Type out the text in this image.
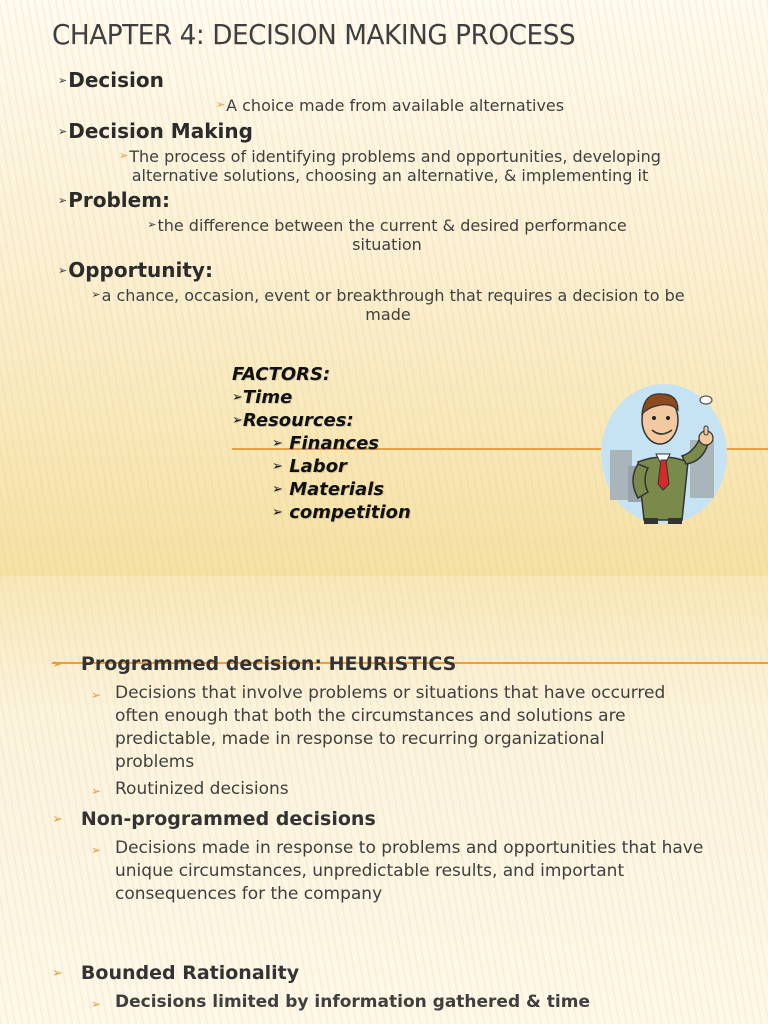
CHAPTER 4: DECISION MAKING PROCESS
➢Decision
➢A choice made from available alternatives
➢Decision Making
➢The process of identifying problems and opportunities, developing alternative solutions, choosing an alternative, & implementing it
➢Problem:
➢the difference between the current & desired performance situation
➢Opportunity:
➢a chance, occasion, event or breakthrough that requires a decision to be made
FACTORS:
➢Time
➢Resources:
➢ Finances
➢ Labor
➢ Materials
➢ competition
➢ Programmed decision: HEURISTICS
➢ Decisions that involve problems or situations that have occurred often enough that both the circumstances and solutions are predictable, made in response to recurring organizational problems
➢ Routinized decisions
➢ Non-programmed decisions
➢ Decisions made in response to problems and opportunities that have unique circumstances, unpredictable results, and important consequences for the company
➢ Bounded Rationality
➢ Decisions limited by information gathered & time
